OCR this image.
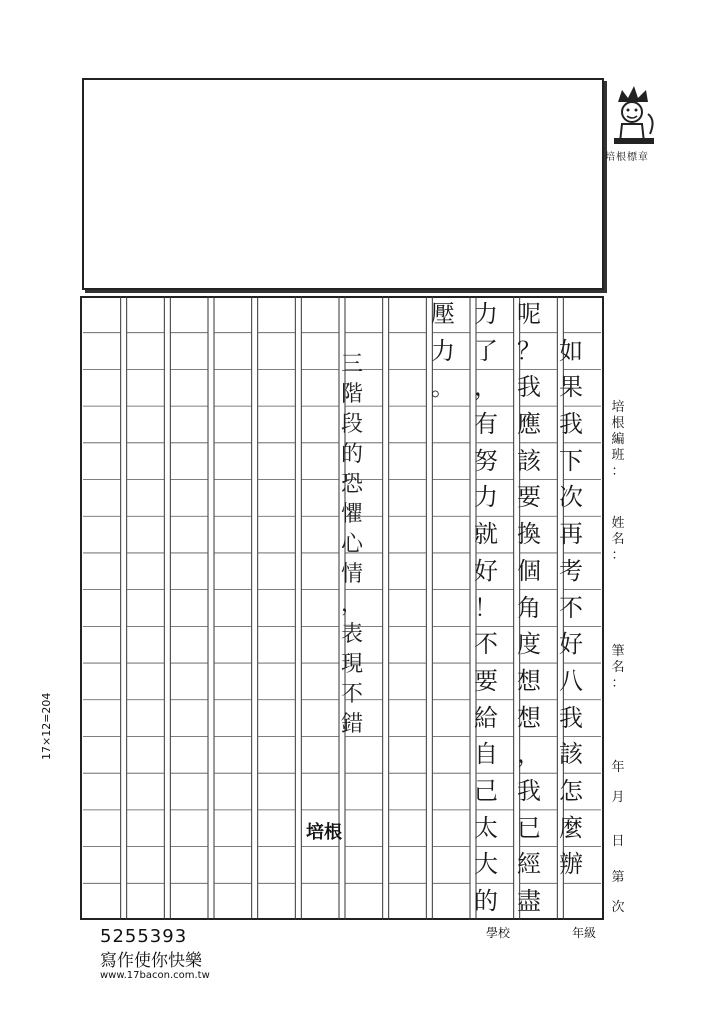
培根標章
如
果
我
下
次
再
考
不
好
八
我
該
怎
麼
辦
呢
？
我
應
該
要
換
個
角
度
想
想
，
我
已
經
盡
力
了
，
有
努
力
就
好
！
不
要
給
自
己
太
大
的
壓
力
。
三
階
段
的
恐
懼
心
情
，
表
現
不
錯
培根
培
根
編
班
：
姓
名
：
筆
名
：
年
月
日
第
次
17×12=204
5255393
寫作使你快樂
www.17bacon.com.tw
學校	年級
